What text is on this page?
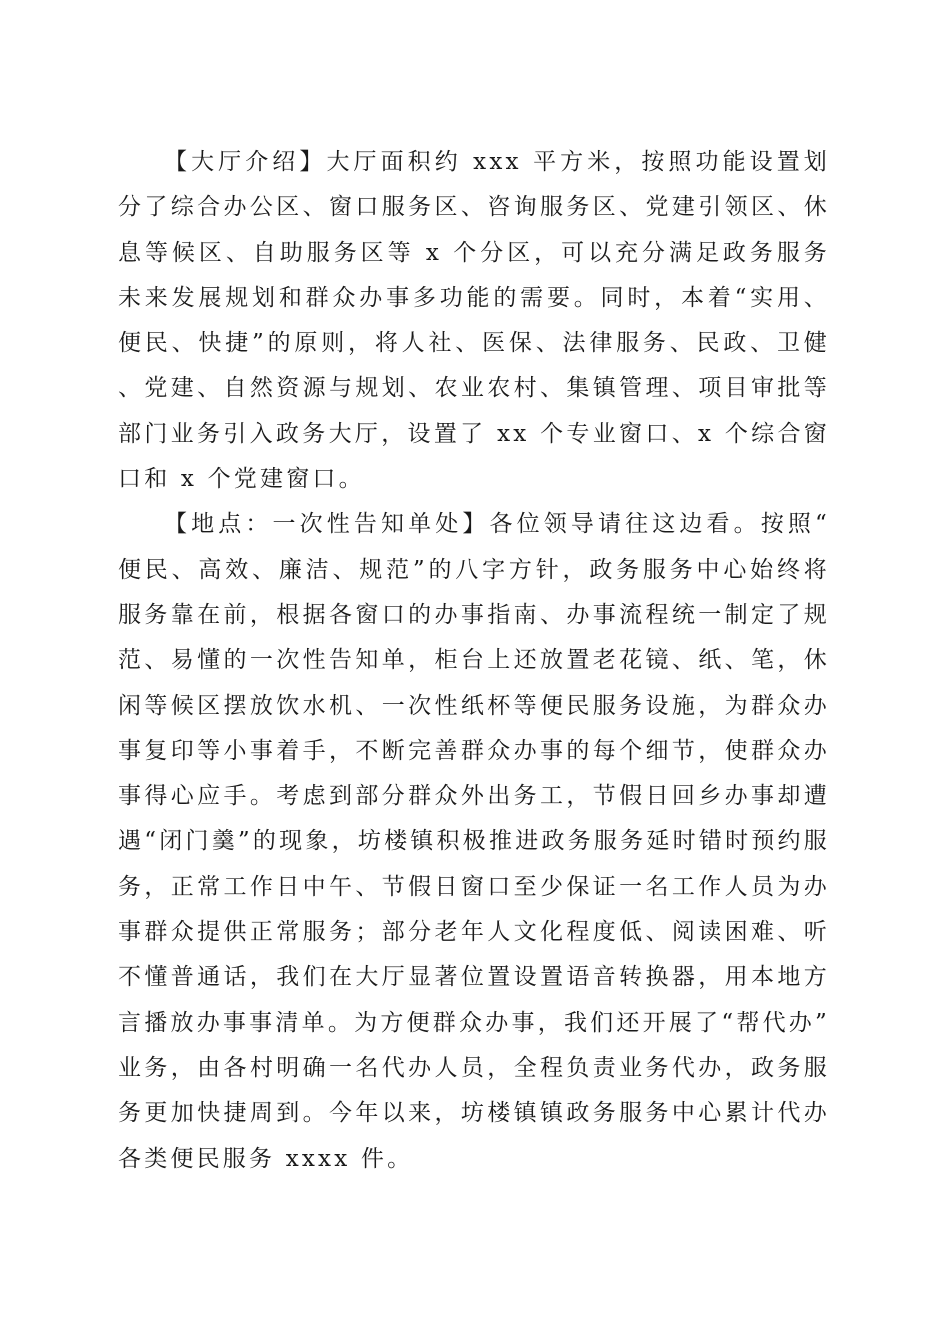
【大厅介绍】大厅面积约 xxx 平方米，按照功能设置划分了综合办公区、窗口服务区、咨询服务区、党建引领区、休息等候区、自助服务区等 x 个分区，可以充分满足政务服务未来发展规划和群众办事多功能的需要。同时，本着“实用、便民、快捷”的原则，将人社、医保、法律服务、民政、卫健、党建、自然资源与规划、农业农村、集镇管理、项目审批等部门业务引入政务大厅，设置了 xx 个专业窗口、x 个综合窗口和 x 个党建窗口。

【地点：一次性告知单处】各位领导请往这边看。按照“便民、高效、廉洁、规范”的八字方针，政务服务中心始终将服务靠在前，根据各窗口的办事指南、办事流程统一制定了规范、易懂的一次性告知单，柜台上还放置老花镜、纸、笔，休闲等候区摆放饮水机、一次性纸杯等便民服务设施，为群众办事复印等小事着手，不断完善群众办事的每个细节，使群众办事得心应手。考虑到部分群众外出务工，节假日回乡办事却遭遇“闭门羹”的现象，坊楼镇积极推进政务服务延时错时预约服务，正常工作日中午、节假日窗口至少保证一名工作人员为办事群众提供正常服务；部分老年人文化程度低、阅读困难、听不懂普通话，我们在大厅显著位置设置语音转换器，用本地方言播放办事事清单。为方便群众办事，我们还开展了“帮代办”业务，由各村明确一名代办人员，全程负责业务代办，政务服务更加快捷周到。今年以来，坊楼镇镇政务服务中心累计代办各类便民服务 xxxx 件。
